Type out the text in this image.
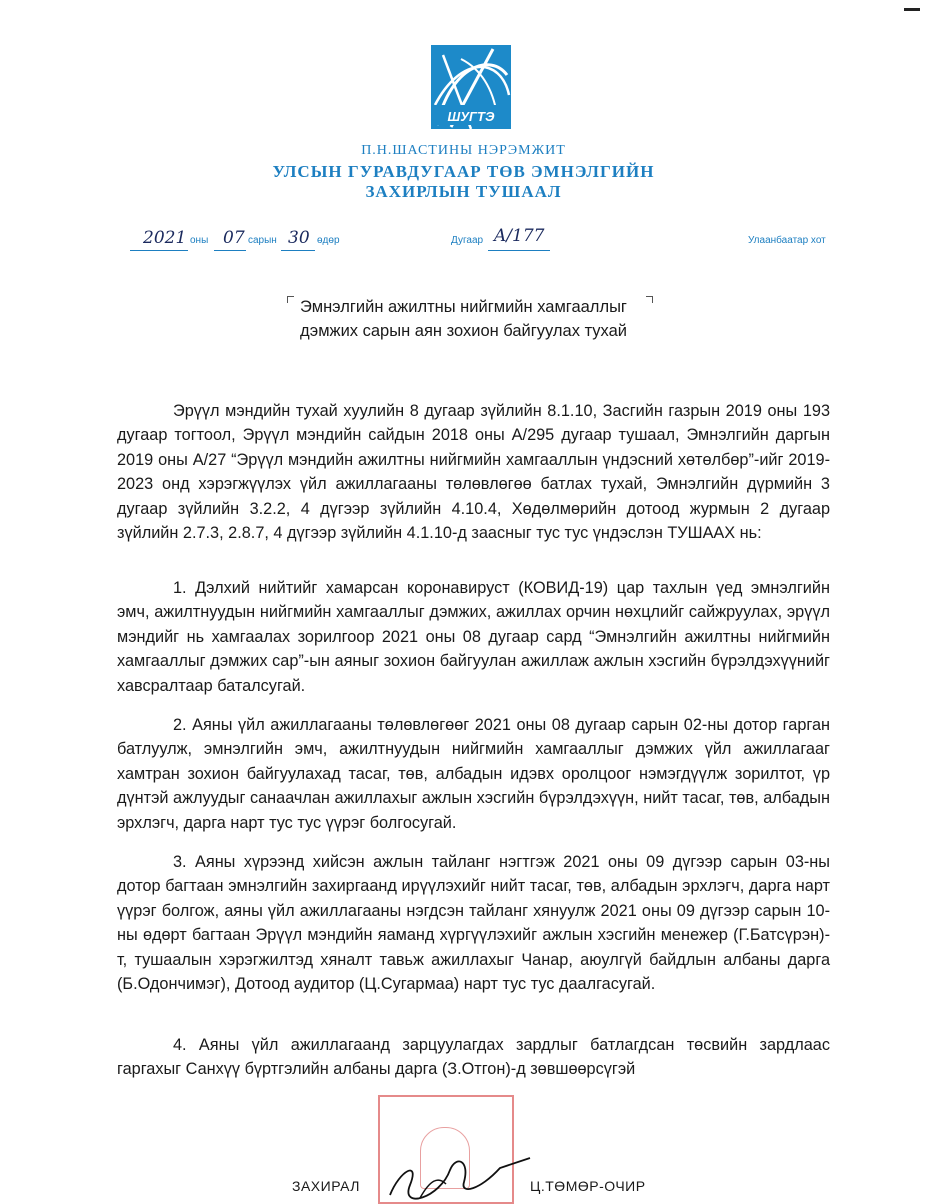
ШУГТЭ
П.Н.ШАСТИНЫ НЭРЭМЖИТ
УЛСЫН ГУРАВДУГААР ТӨВ ЭМНЭЛГИЙН
ЗАХИРЛЫН ТУШААЛ
2021 оны 07 сарын 30 өдөр	Дугаар A/177	Улаанбаатар хот
Эмнэлгийн ажилтны нийгмийн хамгааллыг
дэмжих сарын аян зохион байгуулах тухай

Эрүүл мэндийн тухай хуулийн 8 дугаар зүйлийн 8.1.10, Засгийн газрын 2019 оны 193 дугаар тогтоол, Эрүүл мэндийн сайдын 2018 оны А/295 дугаар тушаал, Эмнэлгийн даргын 2019 оны А/27 “Эрүүл мэндийн ажилтны нийгмийн хамгааллын үндэсний хөтөлбөр”-ийг 2019-2023 онд хэрэгжүүлэх үйл ажиллагааны төлөвлөгөө батлах тухай, Эмнэлгийн дүрмийн 3 дугаар зүйлийн 3.2.2, 4 дүгээр зүйлийн 4.10.4, Хөдөлмөрийн дотоод журмын 2 дугаар зүйлийн 2.7.3, 2.8.7, 4 дүгээр зүйлийн 4.1.10-д заасныг тус тус үндэслэн ТУШААХ нь:

1. Дэлхий нийтийг хамарсан коронавируст (КОВИД-19) цар тахлын үед эмнэлгийн эмч, ажилтнуудын нийгмийн хамгааллыг дэмжих, ажиллах орчин нөхцлийг сайжруулах, эрүүл мэндийг нь хамгаалах зорилгоор 2021 оны 08 дугаар сард “Эмнэлгийн ажилтны нийгмийн хамгааллыг дэмжих сар”-ын аяныг зохион байгуулан ажиллаж ажлын хэсгийн бүрэлдэхүүнийг хавсралтаар баталсугай.

2. Аяны үйл ажиллагааны төлөвлөгөөг 2021 оны 08 дугаар сарын 02-ны дотор гарган батлуулж, эмнэлгийн эмч, ажилтнуудын нийгмийн хамгааллыг дэмжих үйл ажиллагааг хамтран зохион байгуулахад тасаг, төв, албадын идэвх оролцоог нэмэгдүүлж зорилтот, үр дүнтэй ажлуудыг санаачлан ажиллахыг ажлын хэсгийн бүрэлдэхүүн, нийт тасаг, төв, албадын эрхлэгч, дарга нарт тус тус үүрэг болгосугай.

3. Аяны хүрээнд хийсэн ажлын тайланг нэгтгэж 2021 оны 09 дүгээр сарын 03-ны дотор багтаан эмнэлгийн захиргаанд ирүүлэхийг нийт тасаг, төв, албадын эрхлэгч, дарга нарт үүрэг болгож, аяны үйл ажиллагааны нэгдсэн тайланг хянуулж 2021 оны 09 дүгээр сарын 10-ны өдөрт багтаан Эрүүл мэндийн яаманд хүргүүлэхийг ажлын хэсгийн менежер (Г.Батсүрэн)-т, тушаалын хэрэгжилтэд хяналт тавьж ажиллахыг Чанар, аюулгүй байдлын албаны дарга (Б.Одончимэг), Дотоод аудитор (Ц.Сугармаа) нарт тус тус даалгасугай.

4. Аяны үйл ажиллагаанд зарцуулагдах зардлыг батлагдсан төсвийн зардлаас гаргахыг Санхүү бүртгэлийн албаны дарга (З.Отгон)-д зөвшөөрсүгэй

ЗАХИРАЛ	Ц.ТӨМӨР-ОЧИР
